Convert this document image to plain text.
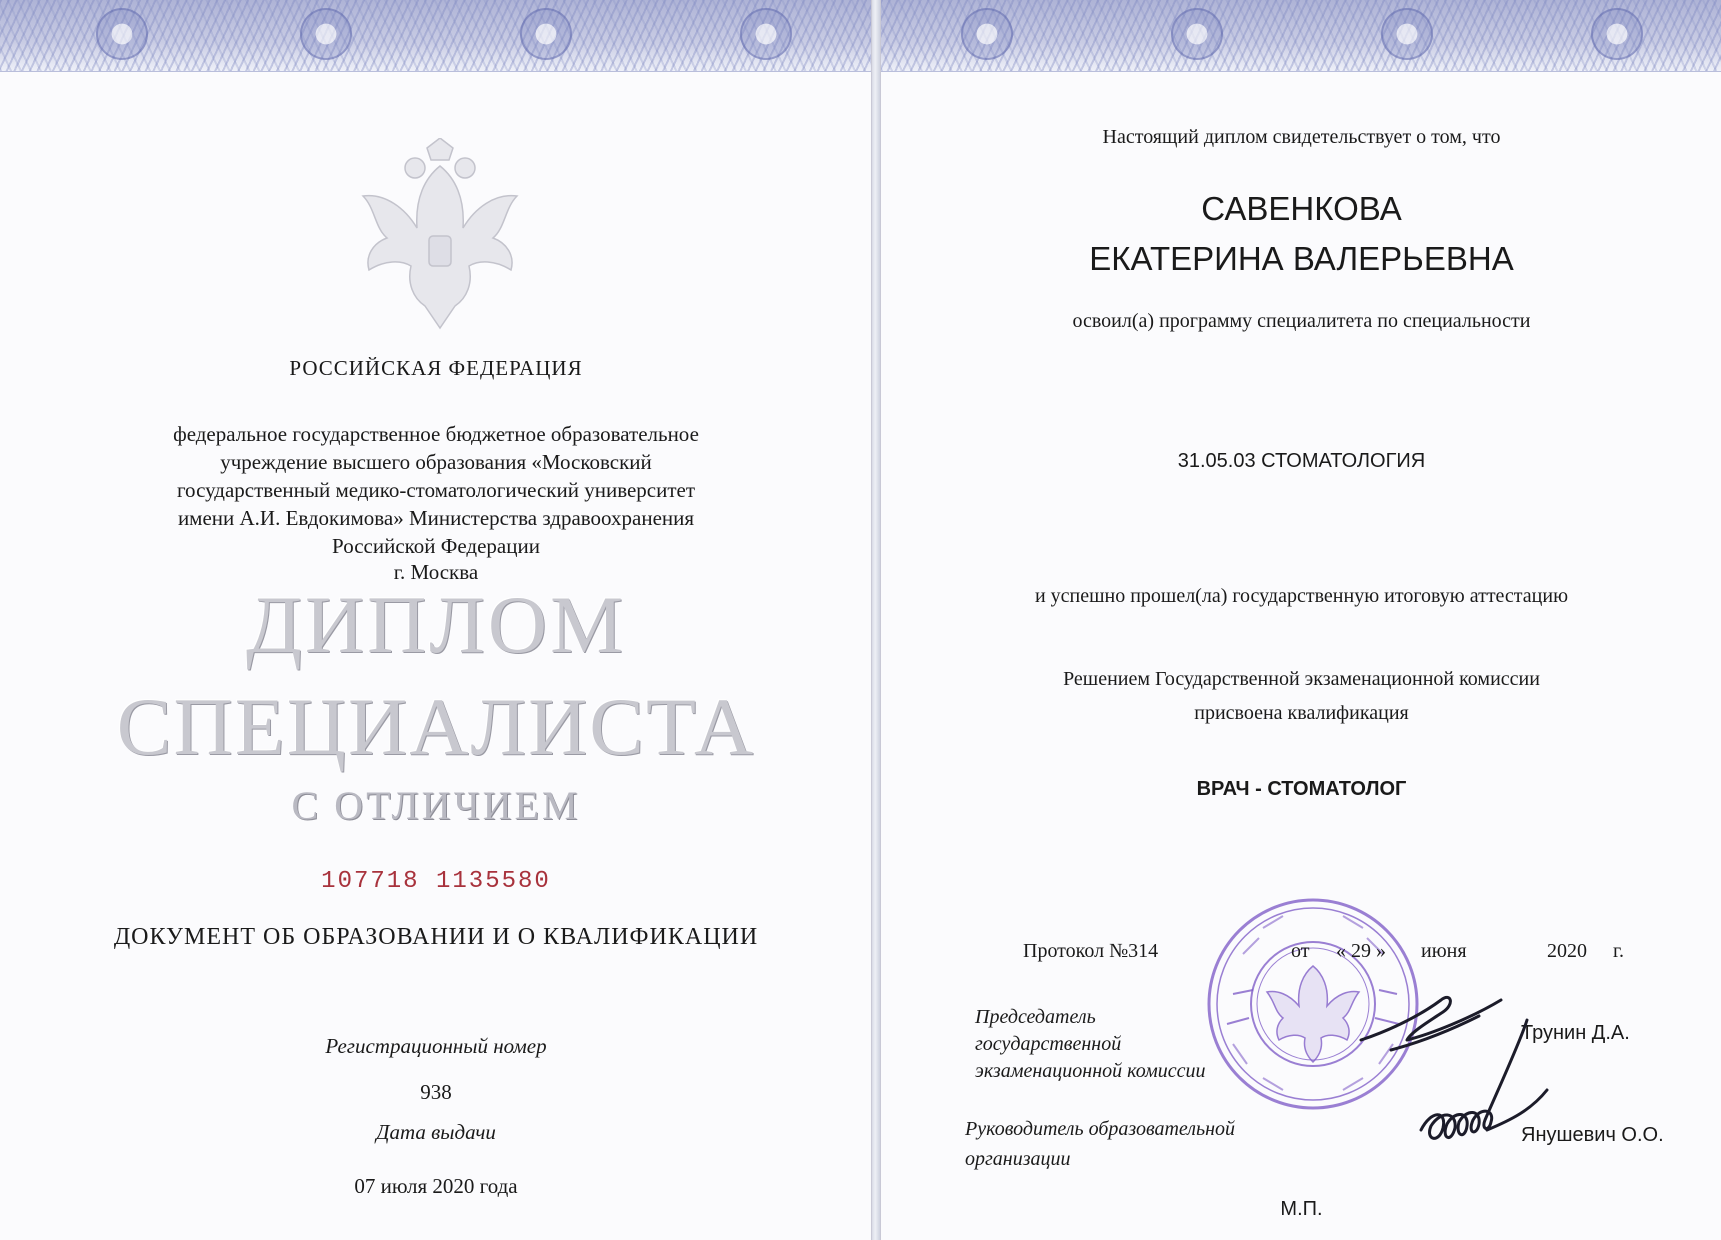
РОССИЙСКАЯ ФЕДЕРАЦИЯ
федеральное государственное бюджетное образовательное
учреждение высшего образования «Московский
государственный медико-стоматологический университет
имени А.И. Евдокимова» Министерства здравоохранения
Российской Федерации
г. Москва
ДИПЛОМ
СПЕЦИАЛИСТА
С ОТЛИЧИЕМ
107718 1135580
ДОКУМЕНТ ОБ ОБРАЗОВАНИИ И О КВАЛИФИКАЦИИ
Регистрационный номер
938
Дата выдачи
07 июля 2020 года
Настоящий диплом свидетельствует о том, что
САВЕНКОВА
ЕКАТЕРИНА ВАЛЕРЬЕВНА
освоил(а) программу специалитета по специальности
31.05.03 СТОМАТОЛОГИЯ
и успешно прошел(ла) государственную итоговую аттестацию
Решением Государственной экзаменационной комиссии
присвоена квалификация
ВРАЧ - СТОМАТОЛОГ
Протокол №314	от « 29 » июня	2020 г.
Председатель
государственной
экзаменационной комиссии
Трунин Д.А.
Руководитель образовательной
организации
Янушевич О.О.
М.П.
